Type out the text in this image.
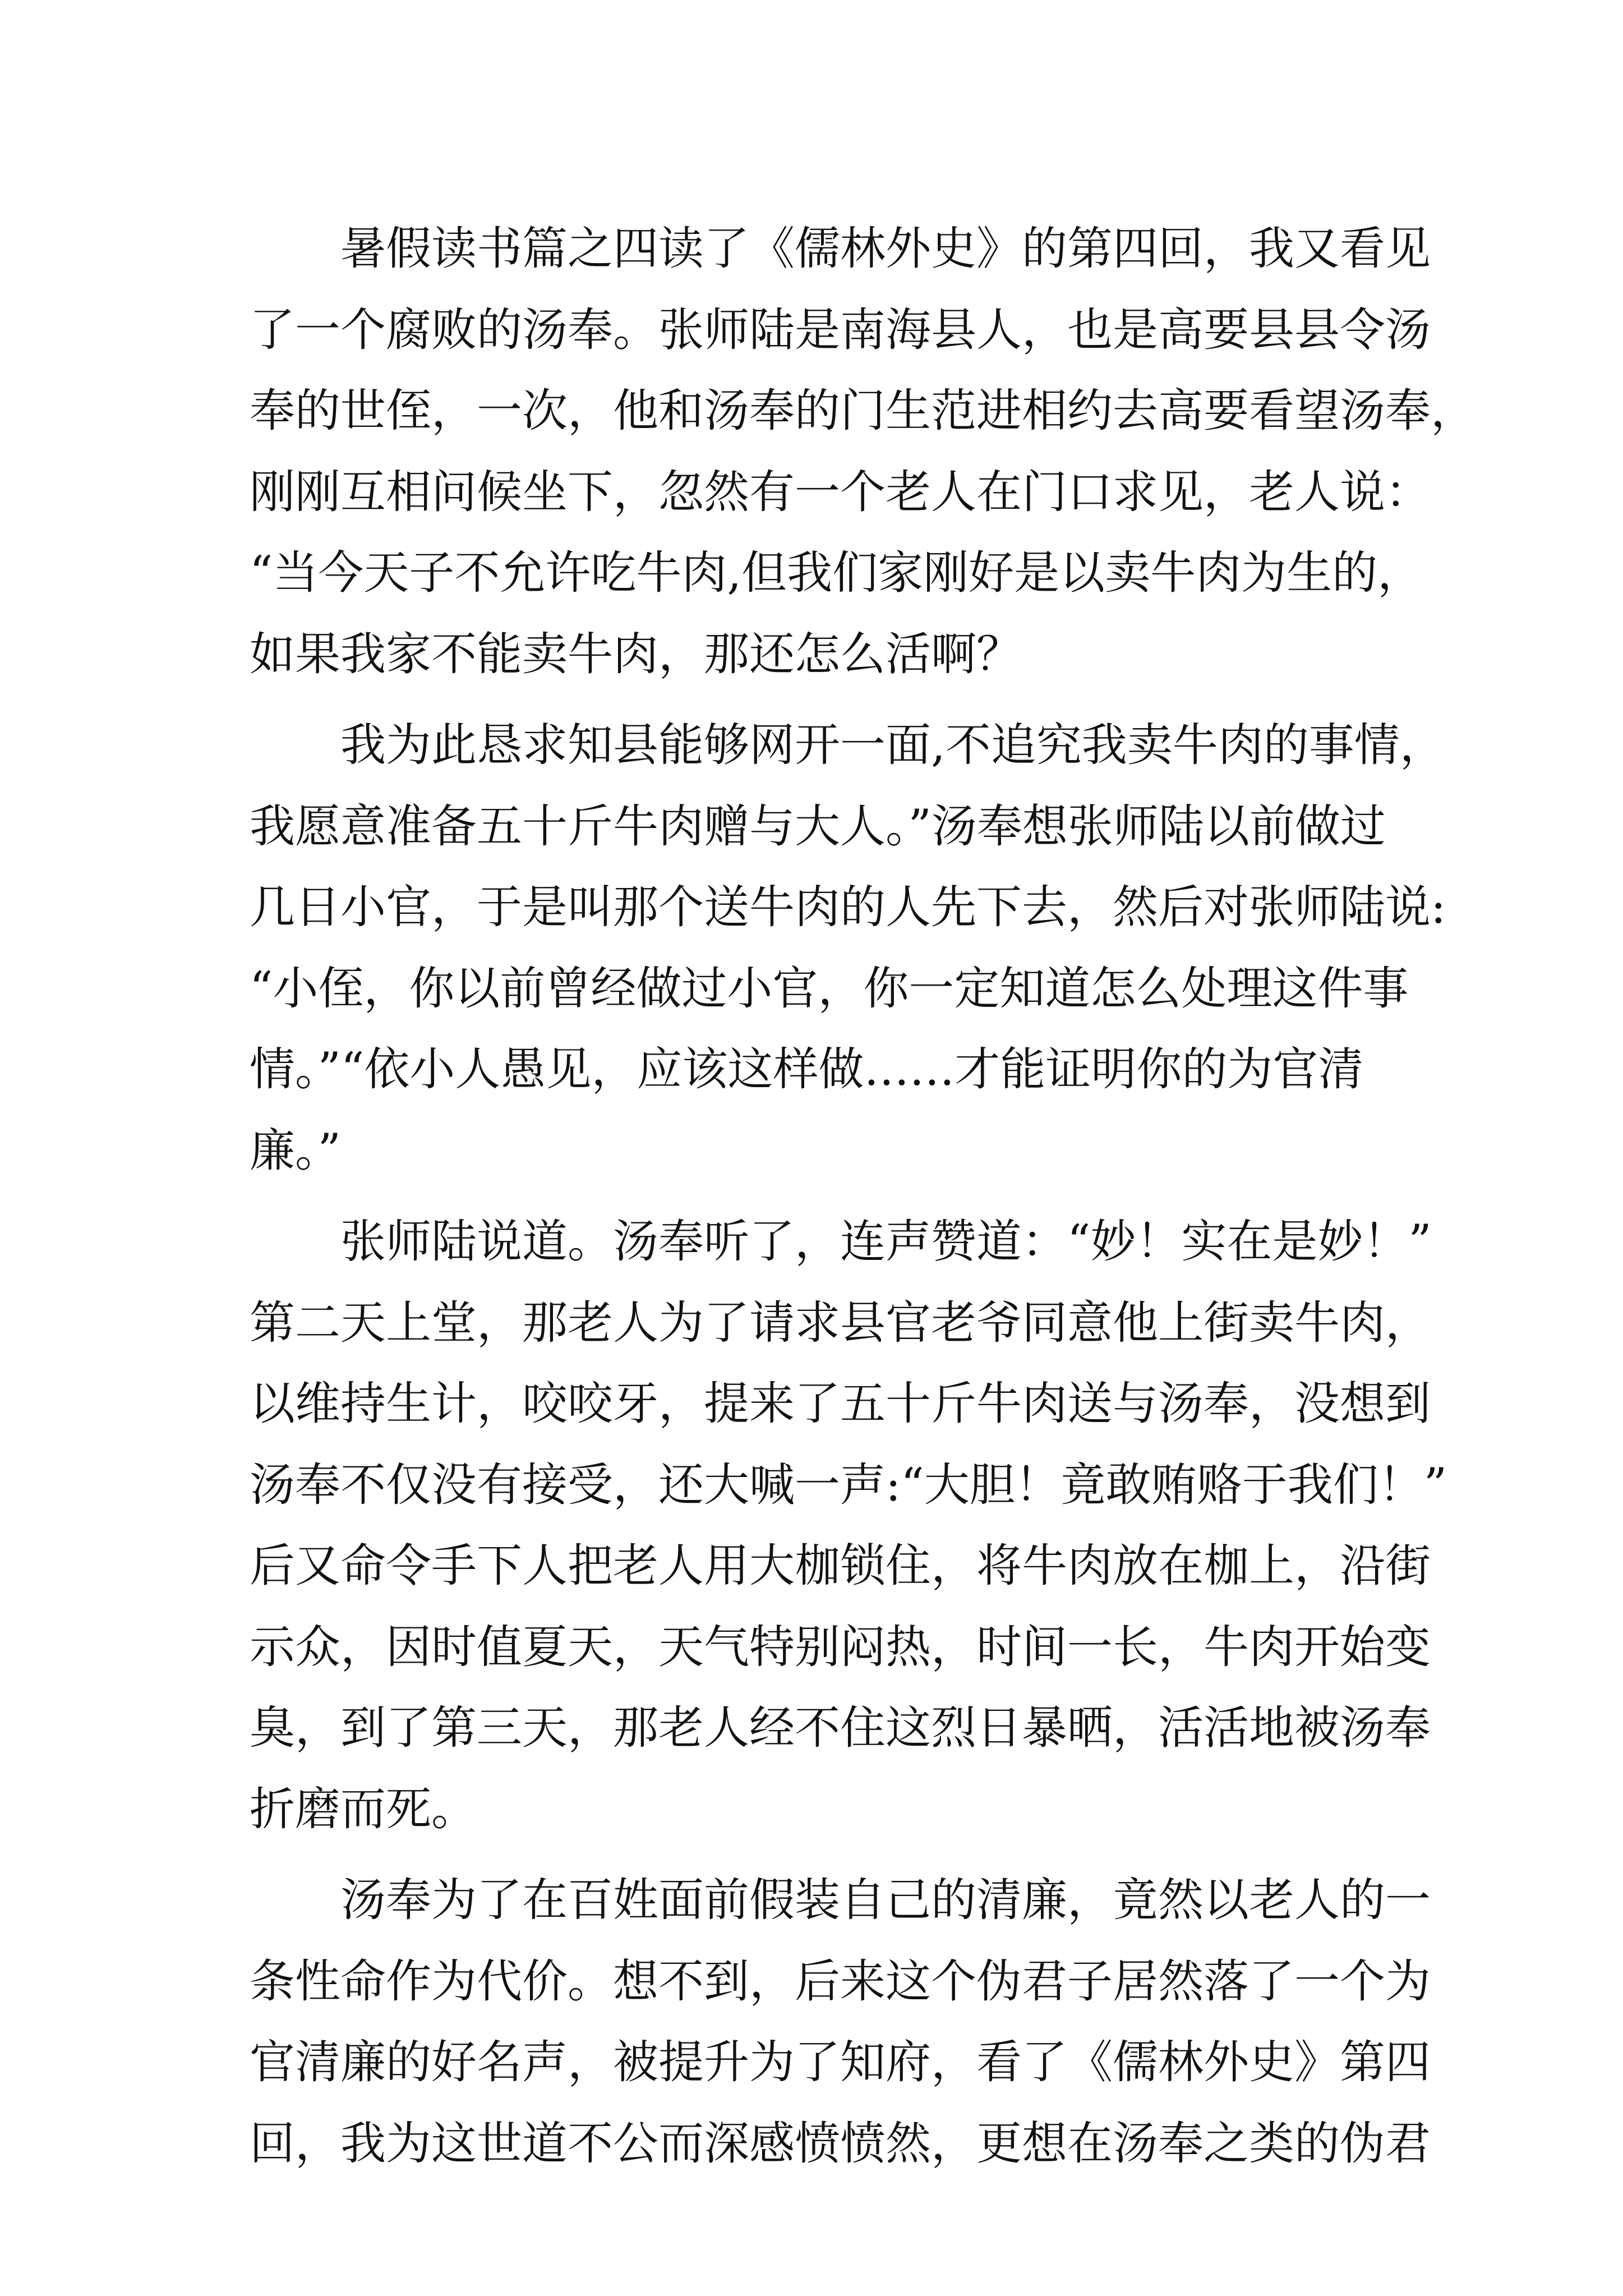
　　暑假读书篇之四读了《儒林外史》的第四回，我又看见
了一个腐败的汤奉。张师陆是南海县人，也是高要县县令汤
奉的世侄，一次，他和汤奉的门生范进相约去高要看望汤奉，
刚刚互相问候坐下，忽然有一个老人在门口求见，老人说：
“当今天子不允许吃牛肉,但我们家刚好是以卖牛肉为生的，
如果我家不能卖牛肉，那还怎么活啊？
　　我为此恳求知县能够网开一面,不追究我卖牛肉的事情，
我愿意准备五十斤牛肉赠与大人。”汤奉想张师陆以前做过
几日小官，于是叫那个送牛肉的人先下去，然后对张师陆说:
“小侄，你以前曾经做过小官，你一定知道怎么处理这件事
情。”“依小人愚见，应该这样做……才能证明你的为官清
廉。”
　　张师陆说道。汤奉听了，连声赞道：“妙！实在是妙！”
第二天上堂，那老人为了请求县官老爷同意他上街卖牛肉，
以维持生计，咬咬牙，提来了五十斤牛肉送与汤奉，没想到
汤奉不仅没有接受，还大喊一声:“大胆！竟敢贿赂于我们！”
后又命令手下人把老人用大枷锁住，将牛肉放在枷上，沿街
示众，因时值夏天，天气特别闷热，时间一长，牛肉开始变
臭，到了第三天，那老人经不住这烈日暴晒，活活地被汤奉
折磨而死。
　　汤奉为了在百姓面前假装自己的清廉，竟然以老人的一
条性命作为代价。想不到，后来这个伪君子居然落了一个为
官清廉的好名声，被提升为了知府，看了《儒林外史》第四
回，我为这世道不公而深感愤愤然，更想在汤奉之类的伪君
